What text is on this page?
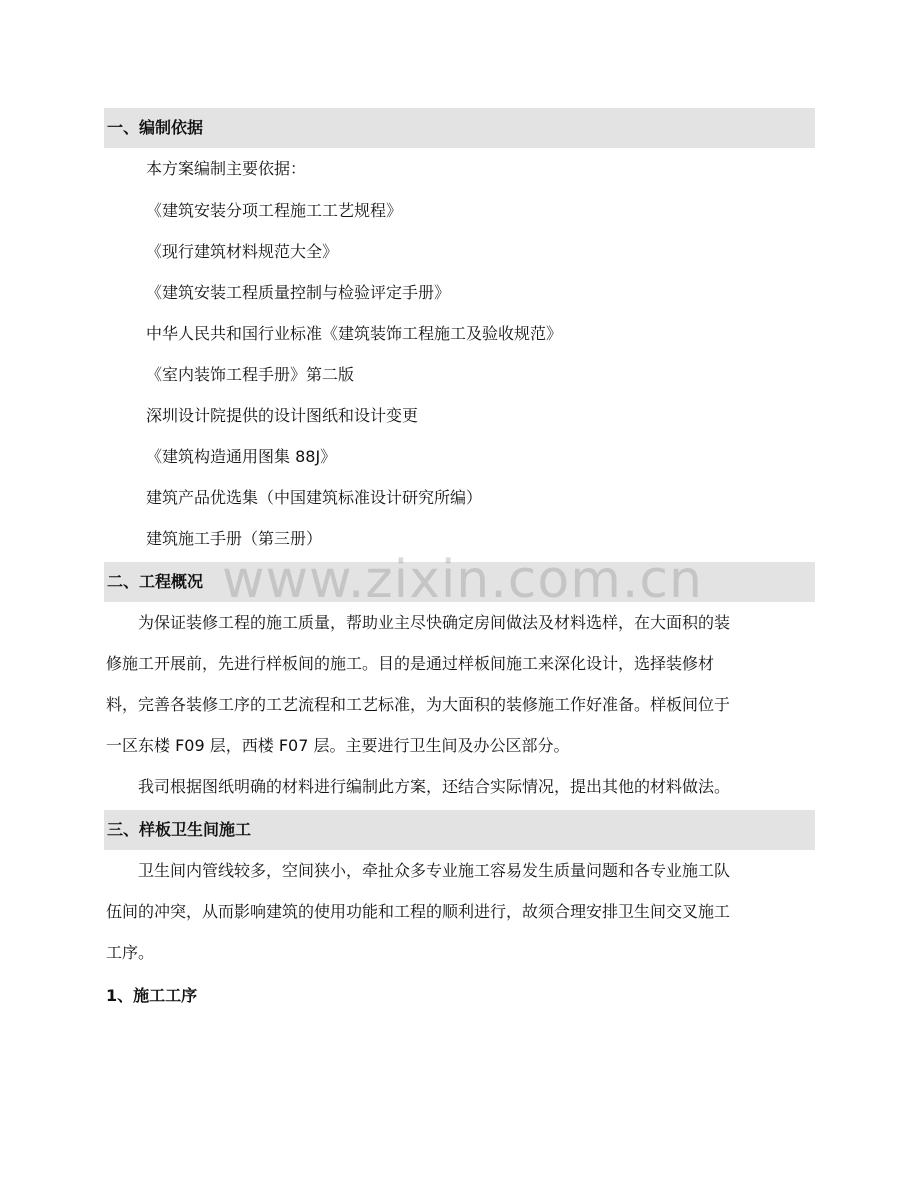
一、编制依据
本方案编制主要依据：
《建筑安装分项工程施工工艺规程》
《现行建筑材料规范大全》
《建筑安装工程质量控制与检验评定手册》
中华人民共和国行业标准《建筑装饰工程施工及验收规范》
《室内装饰工程手册》第二版
深圳设计院提供的设计图纸和设计变更
《建筑构造通用图集 88J》
建筑产品优选集（中国建筑标准设计研究所编）
建筑施工手册（第三册）
二、工程概况
　　为保证装修工程的施工质量，帮助业主尽快确定房间做法及材料选样，在大面积的装
修施工开展前，先进行样板间的施工。目的是通过样板间施工来深化设计，选择装修材
料，完善各装修工序的工艺流程和工艺标准，为大面积的装修施工作好准备。样板间位于
一区东楼 F09 层，西楼 F07 层。主要进行卫生间及办公区部分。
　　我司根据图纸明确的材料进行编制此方案，还结合实际情况，提出其他的材料做法。
三、样板卫生间施工
　　卫生间内管线较多，空间狭小，牵扯众多专业施工容易发生质量问题和各专业施工队
伍间的冲突，从而影响建筑的使用功能和工程的顺利进行，故须合理安排卫生间交叉施工
工序。
1、施工工序
www.zixin.com.cn
